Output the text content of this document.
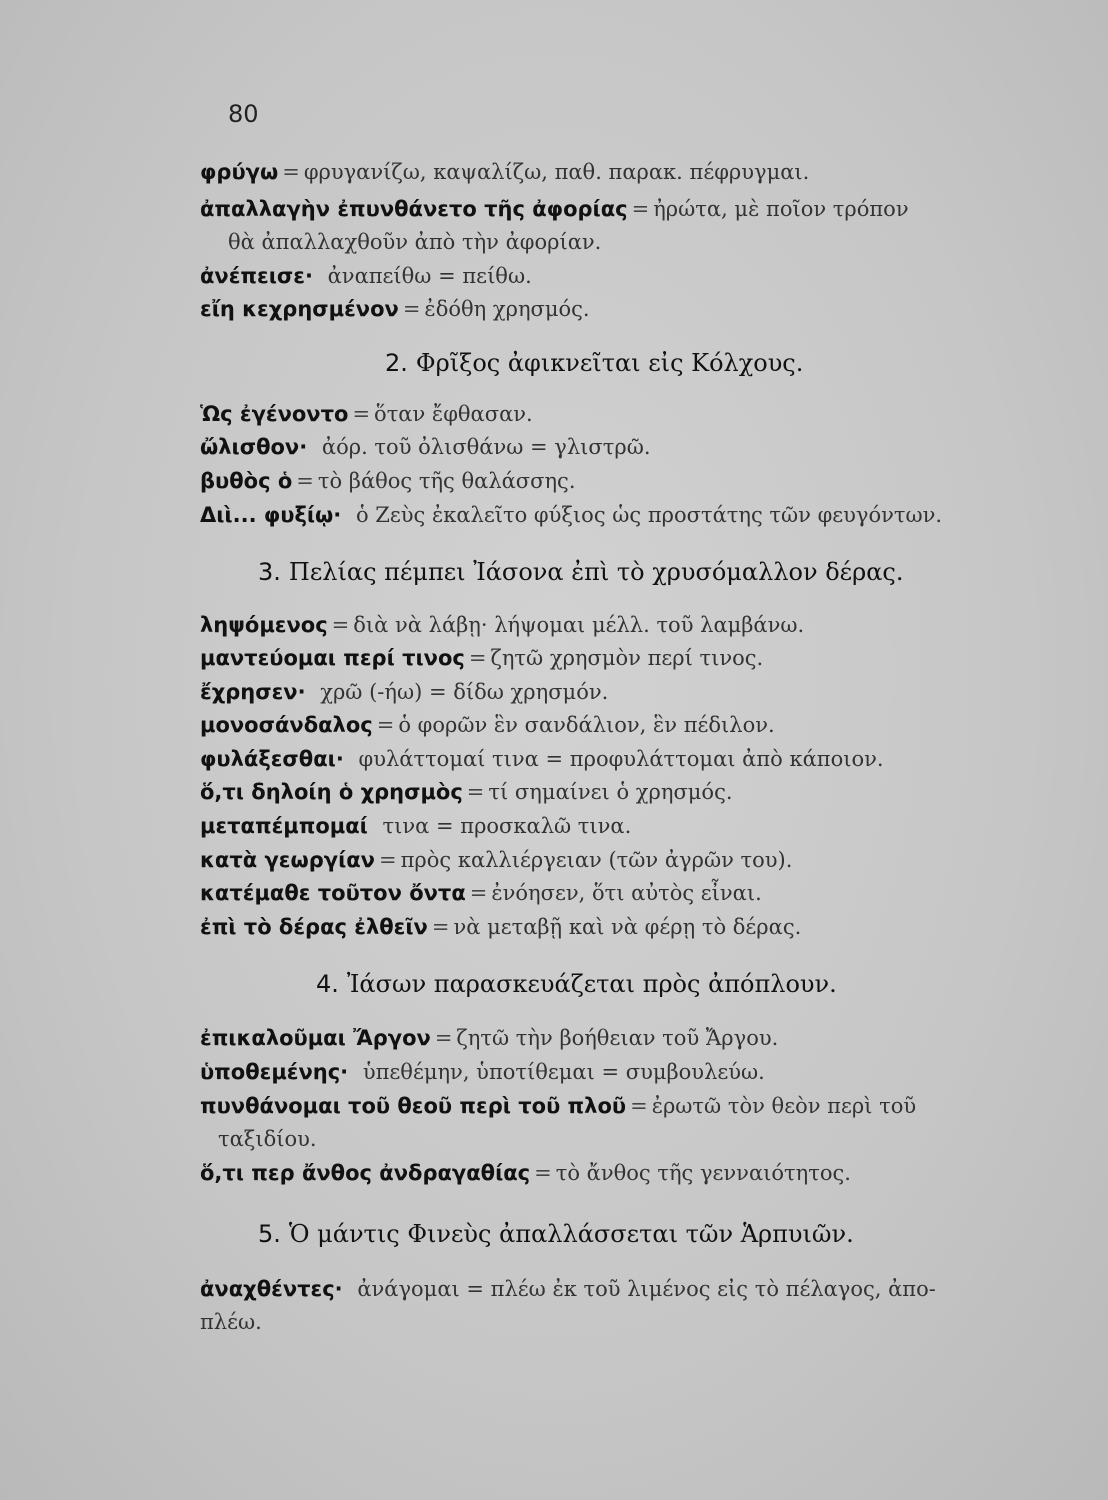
80
φρύγω = φρυγανίζω, καψαλίζω, παθ. παρακ. πέφρυγμαι.
ἀπαλλαγὴν ἐπυνθάνετο τῆς ἀφορίας = ἠρώτα, μὲ ποῖον τρόπον
θὰ ἀπαλλαχθοῦν ἀπὸ τὴν ἀφορίαν.
ἀνέπεισε· ἀναπείθω = πείθω.
εἴη κεχρησμένον = ἐδόθη χρησμός.
2. Φρῖξος ἀφικνεῖται εἰς Κόλχους.
Ὡς ἐγένοντο = ὅταν ἔφθασαν.
ὤλισθον· ἀόρ. τοῦ ὀλισθάνω = γλιστρῶ.
βυθὸς ὁ = τὸ βάθος τῆς θαλάσσης.
Διὶ... φυξίῳ· ὁ Ζεὺς ἐκαλεῖτο φύξιος ὡς προστάτης τῶν φευγόντων.
3. Πελίας πέμπει Ἰάσονα ἐπὶ τὸ χρυσόμαλλον δέρας.
ληψόμενος = διὰ νὰ λάβῃ· λήψομαι μέλλ. τοῦ λαμβάνω.
μαντεύομαι περί τινος = ζητῶ χρησμὸν περί τινος.
ἔχρησεν· χρῶ (-ήω) = δίδω χρησμόν.
μονοσάνδαλος = ὁ φορῶν ἓν σανδάλιον, ἓν πέδιλον.
φυλάξεσθαι· φυλάττομαί τινα = προφυλάττομαι ἀπὸ κάποιον.
ὅ,τι δηλοίη ὁ χρησμὸς = τί σημαίνει ὁ χρησμός.
μεταπέμπομαί τινα = προσκαλῶ τινα.
κατὰ γεωργίαν = πρὸς καλλιέργειαν (τῶν ἀγρῶν του).
κατέμαθε τοῦτον ὄντα = ἐνόησεν, ὅτι αὐτὸς εἶναι.
ἐπὶ τὸ δέρας ἐλθεῖν = νὰ μεταβῇ καὶ νὰ φέρῃ τὸ δέρας.
4. Ἰάσων παρασκευάζεται πρὸς ἀπόπλουν.
ἐπικαλοῦμαι Ἄργον = ζητῶ τὴν βοήθειαν τοῦ Ἄργου.
ὑποθεμένης· ὑπεθέμην, ὑποτίθεμαι = συμβουλεύω.
πυνθάνομαι τοῦ θεοῦ περὶ τοῦ πλοῦ = ἐρωτῶ τὸν θεὸν περὶ τοῦ
ταξιδίου.
ὅ,τι περ ἄνθος ἀνδραγαθίας = τὸ ἄνθος τῆς γενναιότητος.
5. Ὁ μάντις Φινεὺς ἀπαλλάσσεται τῶν Ἁρπυιῶν.
ἀναχθέντες· ἀνάγομαι = πλέω ἐκ τοῦ λιμένος εἰς τὸ πέλαγος, ἀπο-
πλέω.
